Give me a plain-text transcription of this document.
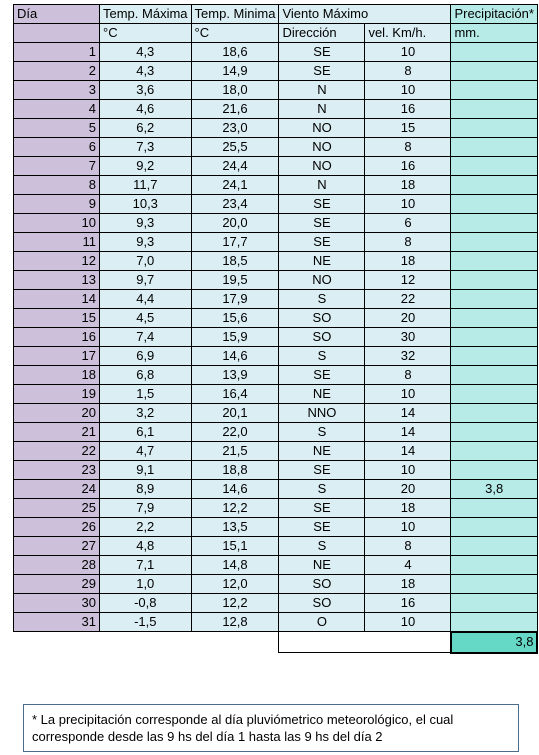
Día	Temp. Máxima	Temp. Minima	Viento Máximo		Precipitación*
	°C	°C	Dirección	vel. Km/h.	mm.
1	4,3	18,6	SE	10	
2	4,3	14,9	SE	8	
3	3,6	18,0	N	10	
4	4,6	21,6	N	16	
5	6,2	23,0	NO	15	
6	7,3	25,5	NO	8	
7	9,2	24,4	NO	16	
8	11,7	24,1	N	18	
9	10,3	23,4	SE	10	
10	9,3	20,0	SE	6	
11	9,3	17,7	SE	8	
12	7,0	18,5	NE	18	
13	9,7	19,5	NO	12	
14	4,4	17,9	S	22	
15	4,5	15,6	SO	20	
16	7,4	15,9	SO	30	
17	6,9	14,6	S	32	
18	6,8	13,9	SE	8	
19	1,5	16,4	NE	10	
20	3,2	20,1	NNO	14	
21	6,1	22,0	S	14	
22	4,7	21,5	NE	14	
23	9,1	18,8	SE	10	
24	8,9	14,6	S	20	3,8
25	7,9	12,2	SE	18	
26	2,2	13,5	SE	10	
27	4,8	15,1	S	8	
28	7,1	14,8	NE	4	
29	1,0	12,0	SO	18	
30	-0,8	12,2	SO	16	
31	-1,5	12,8	O	10	
					3,8
* La precipitación corresponde al día pluviómetrico meteorológico, el cual corresponde desde las 9 hs del día 1 hasta las 9 hs del día 2
